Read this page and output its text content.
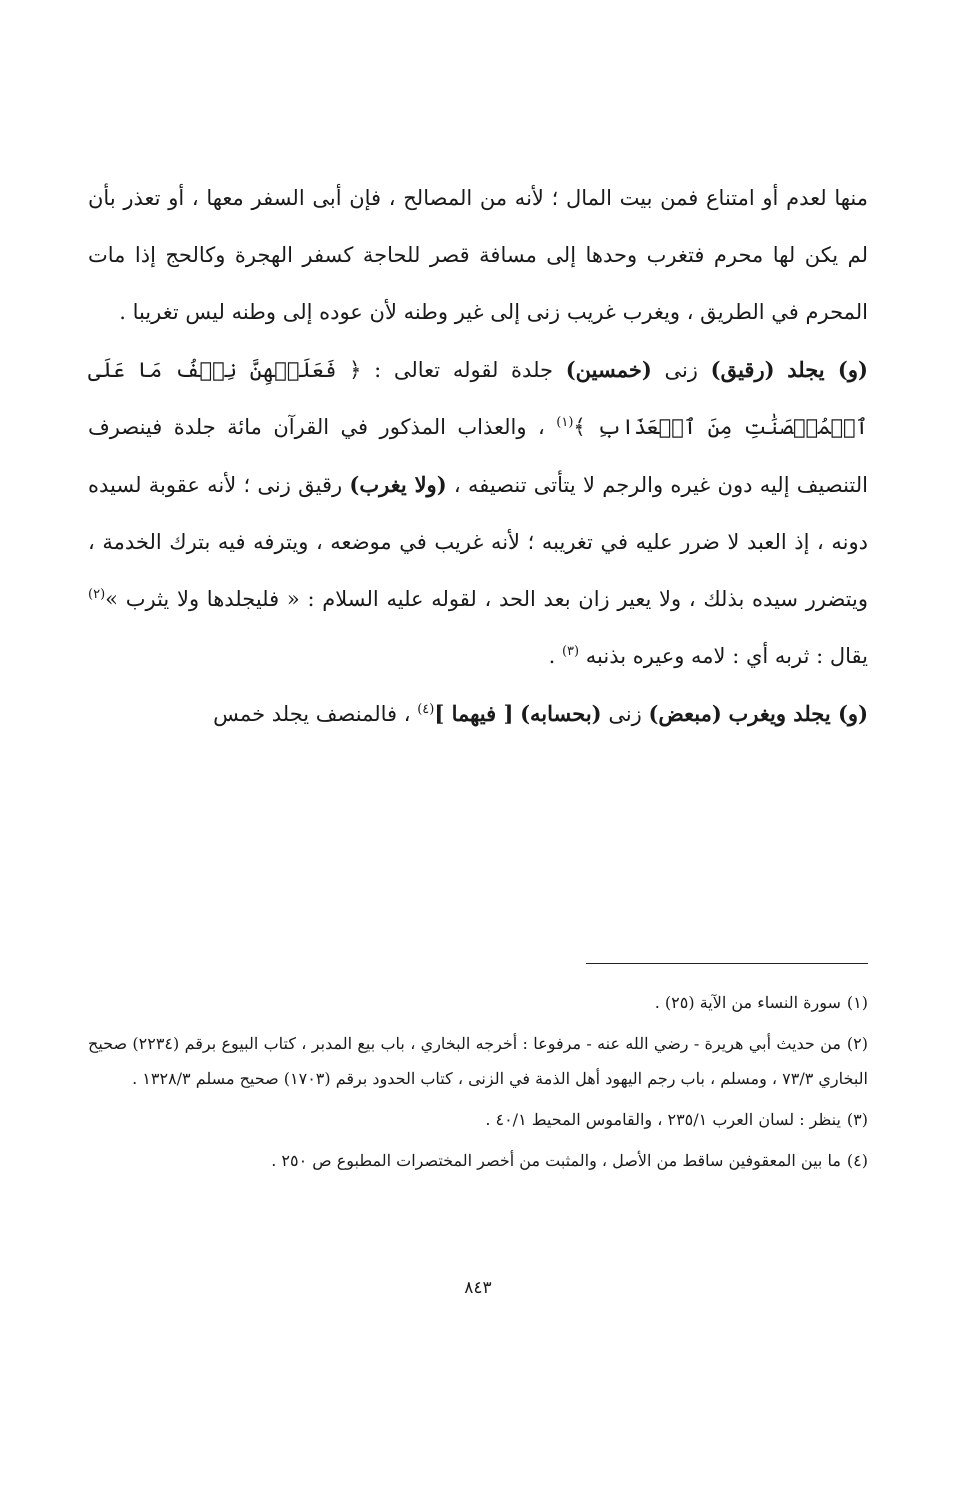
منها لعدم أو امتناع فمن بيت المال ؛ لأنه من المصالح ، فإن أبى السفر معها ، أو تعذر بأن لم يكن لها محرم فتغرب وحدها إلى مسافة قصر للحاجة كسفر الهجرة وكالحج إذا مات المحرم في الطريق ، ويغرب غريب زنى إلى غير وطنه لأن عوده إلى وطنه ليس تغريبا .

(و) يجلد (رقيق) زنى (خمسين) جلدة لقوله تعالى : ﴿ فَعَلَيۡهِنَّ نِصۡفُ مَا عَلَى ٱلۡمُحۡصَنَٰتِ مِنَ ٱلۡعَذَابِ ﴾$^{(١)}$ ، والعذاب المذكور في القرآن مائة جلدة فينصرف التنصيف إليه دون غيره والرجم لا يتأتى تنصيفه ، (ولا يغرب) رقيق زنى ؛ لأنه عقوبة لسيده دونه ، إذ العبد لا ضرر عليه في تغريبه ؛ لأنه غريب في موضعه ، ويترفه فيه بترك الخدمة ، ويتضرر سيده بذلك ، ولا يعير زان بعد الحد ، لقوله عليه السلام : « فليجلدها ولا يثرب »$^{(٢)}$ يقال : ثربه أي : لامه وعيره بذنبه $^{(٣)}$ .

(و) يجلد ويغرب (مبعض) زنى (بحسابه) [ فيهما ]$^{(٤)}$ ، فالمنصف يجلد خمس

(١)سورة النساء من الآية (٢٥) .

(٢)من حديث أبي هريرة - رضي الله عنه - مرفوعا : أخرجه البخاري ، باب بيع المدبر ، كتاب البيوع برقم (٢٢٣٤) صحيح البخاري ٧٣/٣ ، ومسلم ، باب رجم اليهود أهل الذمة في الزنى ، كتاب الحدود برقم (١٧٠٣) صحيح مسلم ١٣٢٨/٣ .

(٣)ينظر : لسان العرب ٢٣٥/١ ، والقاموس المحيط ٤٠/١ .

(٤)ما بين المعقوفين ساقط من الأصل ، والمثبت من أخصر المختصرات المطبوع ص ٢٥٠ .

٨٤٣
